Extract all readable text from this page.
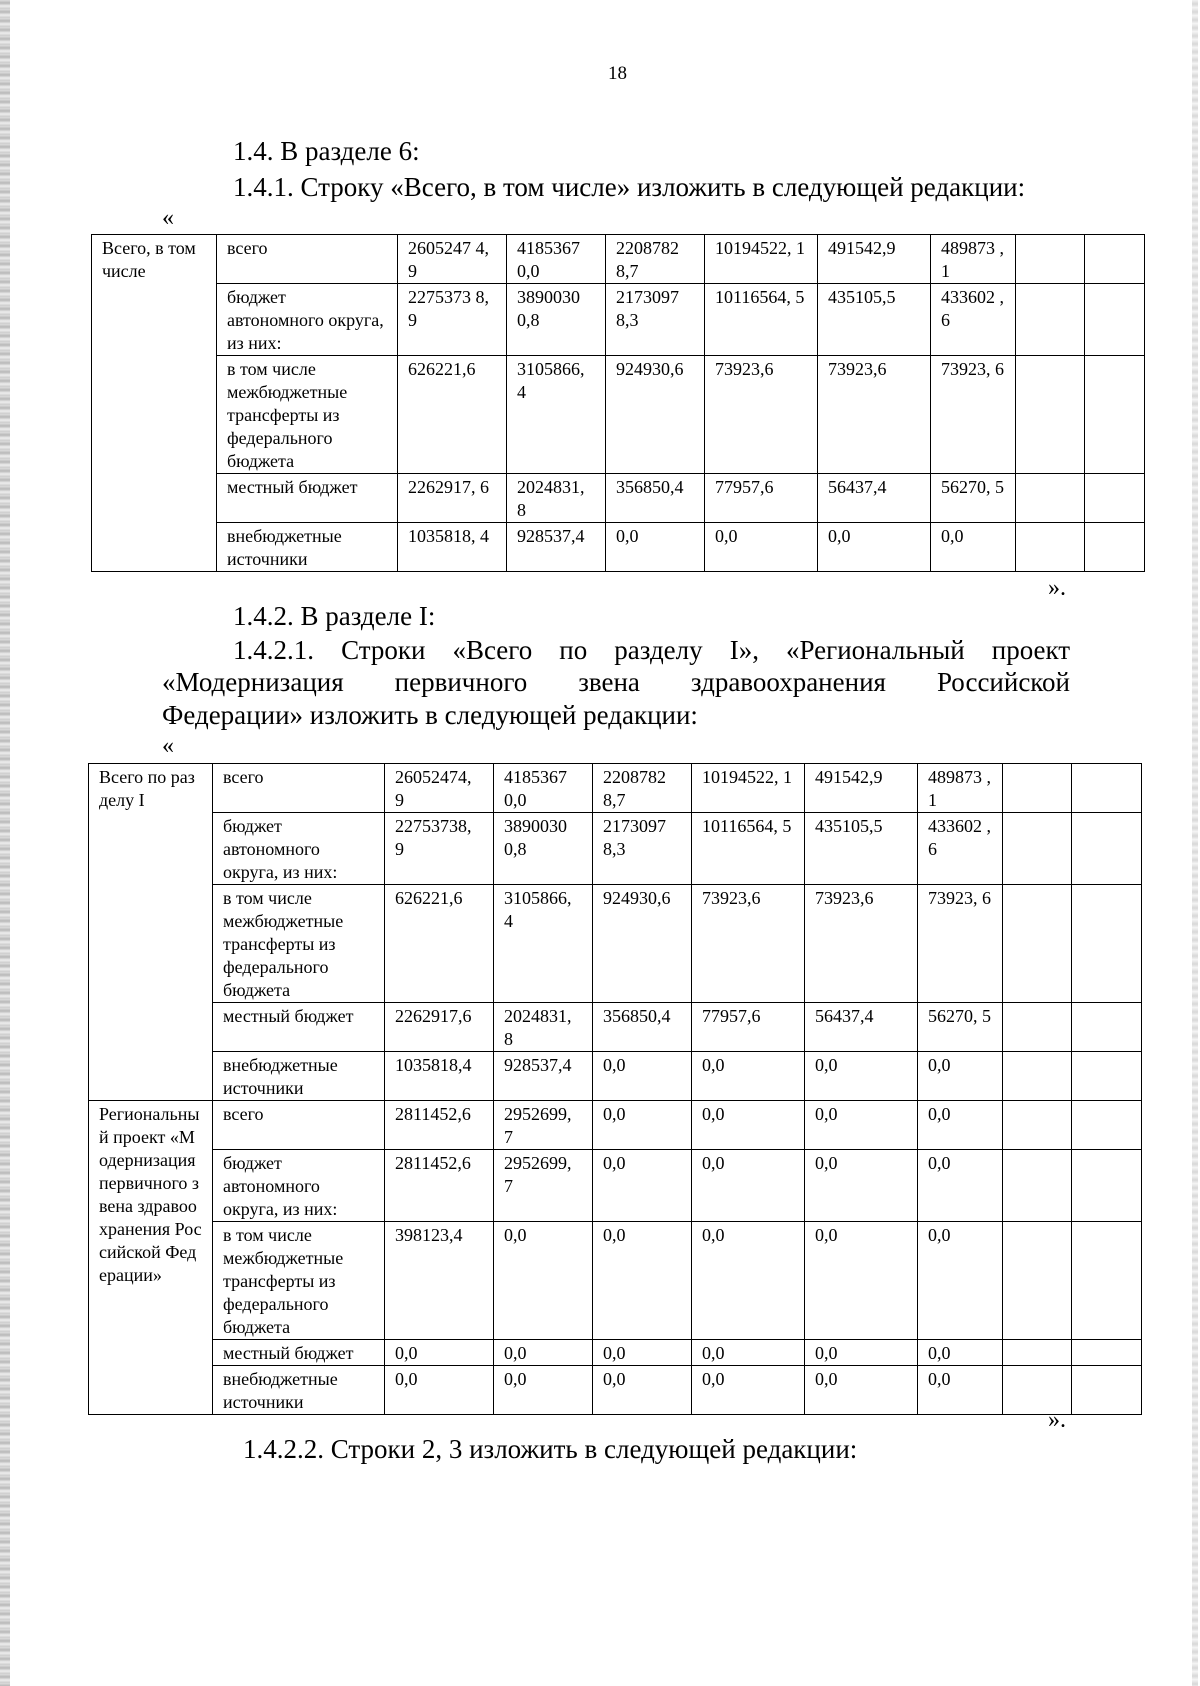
18
1.4. В разделе 6:
1.4.1. Строку «Всего, в том числе» изложить в следующей редакции:
«
Всего, в том числе	всего	2605247 4,9	4185367 0,0	2208782 8,7	10194522, 1	491542,9	489873 ,1		
	бюджет автономного округа, из них:	2275373 8,9	3890030 0,8	2173097 8,3	10116564, 5	435105,5	433602 ,6		
	в том числе межбюджетные трансферты из федерального бюджета	626221,6	3105866, 4	924930,6	73923,6	73923,6	73923, 6		
	местный бюджет	2262917, 6	2024831, 8	356850,4	77957,6	56437,4	56270, 5		
	внебюджетные источники	1035818, 4	928537,4	0,0	0,0	0,0	0,0		
».
1.4.2. В разделе I:
1.4.2.1. Строки «Всего по разделу I», «Региональный проект
«Модернизация первичного звена здравоохранения Российской
Федерации» изложить в следующей редакции:
«
Всего по разделу I	всего	26052474, 9	4185367 0,0	2208782 8,7	10194522, 1	491542,9	489873 ,1		
	бюджет автономного округа, из них:	22753738, 9	3890030 0,8	2173097 8,3	10116564, 5	435105,5	433602 ,6		
	в том числе межбюджетные трансферты из федерального бюджета	626221,6	3105866, 4	924930,6	73923,6	73923,6	73923, 6		
	местный бюджет	2262917,6	2024831, 8	356850,4	77957,6	56437,4	56270, 5		
	внебюджетные источники	1035818,4	928537,4	0,0	0,0	0,0	0,0		
Региональный проект «Модернизация первичного звена здравоохранения Российской Федерации»	всего	2811452,6	2952699, 7	0,0	0,0	0,0	0,0		
	бюджет автономного округа, из них:	2811452,6	2952699, 7	0,0	0,0	0,0	0,0		
	в том числе межбюджетные трансферты из федерального бюджета	398123,4	0,0	0,0	0,0	0,0	0,0		
	местный бюджет	0,0	0,0	0,0	0,0	0,0	0,0		
	внебюджетные источники	0,0	0,0	0,0	0,0	0,0	0,0		
».
1.4.2.2. Строки 2, 3 изложить в следующей редакции:
